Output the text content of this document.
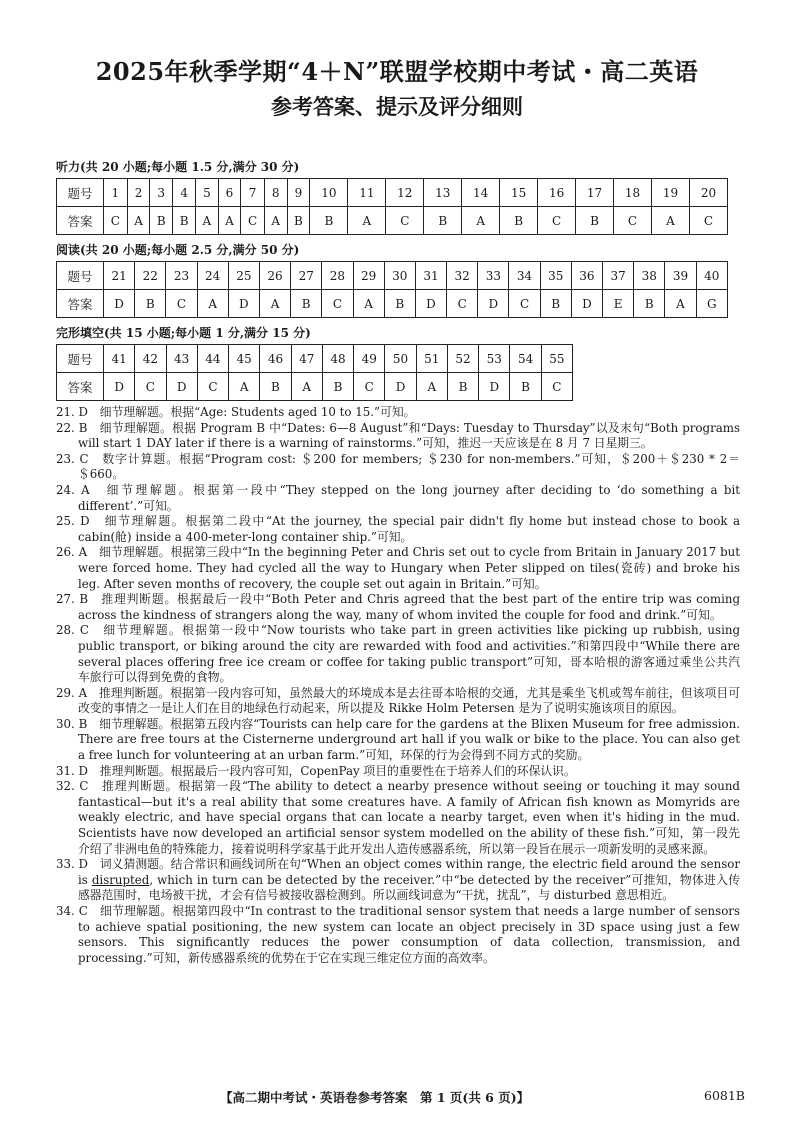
2025年秋季学期“4＋N”联盟学校期中考试・高二英语
参考答案、提示及评分细则
听力(共 20 小题;每小题 1.5 分,满分 30 分)
题号	1	2	3	4	5	6	7	8	9	10	11	12	13	14	15	16	17	18	19	20
答案	C	A	B	B	A	A	C	A	B	B	A	C	B	A	B	C	B	C	A	C
阅读(共 20 小题;每小题 2.5 分,满分 50 分)
题号	21	22	23	24	25	26	27	28	29	30	31	32	33	34	35	36	37	38	39	40
答案	D	B	C	A	D	A	B	C	A	B	D	C	D	C	B	D	E	B	A	G
完形填空(共 15 小题;每小题 1 分,满分 15 分)
题号	41	42	43	44	45	46	47	48	49	50	51	52	53	54	55
答案	D	C	D	C	A	B	A	B	C	D	A	B	D	B	C

21. D　细节理解题。根据“Age: Students aged 10 to 15.”可知。

22. B　细节理解题。根据 Program B 中“Dates: 6—8 August”和“Days: Tuesday to Thursday”以及末句“Both programs will start 1 DAY later if there is a warning of rainstorms.”可知，推迟一天应该是在 8 月 7 日星期三。

23. C　数字计算题。根据“Program cost: ＄200 for members; ＄230 for non-members.”可知，＄200＋＄230 * 2＝＄660。

24. A　细节理解题。根据第一段中“They stepped on the long journey after deciding to ‘do something a bit different’.”可知。

25. D　细节理解题。根据第二段中“At the journey, the special pair didn't fly home but instead chose to book a cabin(舱) inside a 400-meter-long container ship.”可知。

26. A　细节理解题。根据第三段中“In the beginning Peter and Chris set out to cycle from Britain in January 2017 but were forced home. They had cycled all the way to Hungary when Peter slipped on tiles(瓷砖) and broke his leg. After seven months of recovery, the couple set out again in Britain.”可知。

27. B　推理判断题。根据最后一段中“Both Peter and Chris agreed that the best part of the entire trip was coming across the kindness of strangers along the way, many of whom invited the couple for food and drink.”可知。

28. C　细节理解题。根据第一段中“Now tourists who take part in green activities like picking up rubbish, using public transport, or biking around the city are rewarded with food and activities.”和第四段中“While there are several places offering free ice cream or coffee for taking public transport”可知，哥本哈根的游客通过乘坐公共汽车旅行可以得到免费的食物。

29. A　推理判断题。根据第一段内容可知，虽然最大的环境成本是去往哥本哈根的交通，尤其是乘坐飞机或驾车前往，但该项目可改变的事情之一是让人们在目的地绿色行动起来，所以提及 Rikke Holm Petersen 是为了说明实施该项目的原因。

30. B　细节理解题。根据第五段内容“Tourists can help care for the gardens at the Blixen Museum for free admission. There are free tours at the Cisternerne underground art hall if you walk or bike to the place. You can also get a free lunch for volunteering at an urban farm.”可知，环保的行为会得到不同方式的奖励。

31. D　推理判断题。根据最后一段内容可知，CopenPay 项目的重要性在于培养人们的环保认识。

32. C　推理判断题。根据第一段“The ability to detect a nearby presence without seeing or touching it may sound fantastical—but it's a real ability that some creatures have. A family of African fish known as Momyrids are weakly electric, and have special organs that can locate a nearby target, even when it's hiding in the mud. Scientists have now developed an artificial sensor system modelled on the ability of these fish.”可知，第一段先介绍了非洲电鱼的特殊能力，接着说明科学家基于此开发出人造传感器系统，所以第一段旨在展示一项新发明的灵感来源。

33. D　词义猜测题。结合常识和画线词所在句“When an object comes within range, the electric field around the sensor is disrupted, which in turn can be detected by the receiver.”中“be detected by the receiver”可推知，物体进入传感器范围时，电场被干扰，才会有信号被接收器检测到。所以画线词意为“干扰，扰乱”，与 disturbed 意思相近。

34. C　细节理解题。根据第四段中“In contrast to the traditional sensor system that needs a large number of sensors to achieve spatial positioning, the new system can locate an object precisely in 3D space using just a few sensors. This significantly reduces the power consumption of data collection, transmission, and processing.”可知，新传感器系统的优势在于它在实现三维定位方面的高效率。

【高二期中考试・英语卷参考答案　第 1 页(共 6 页)】	6081B
